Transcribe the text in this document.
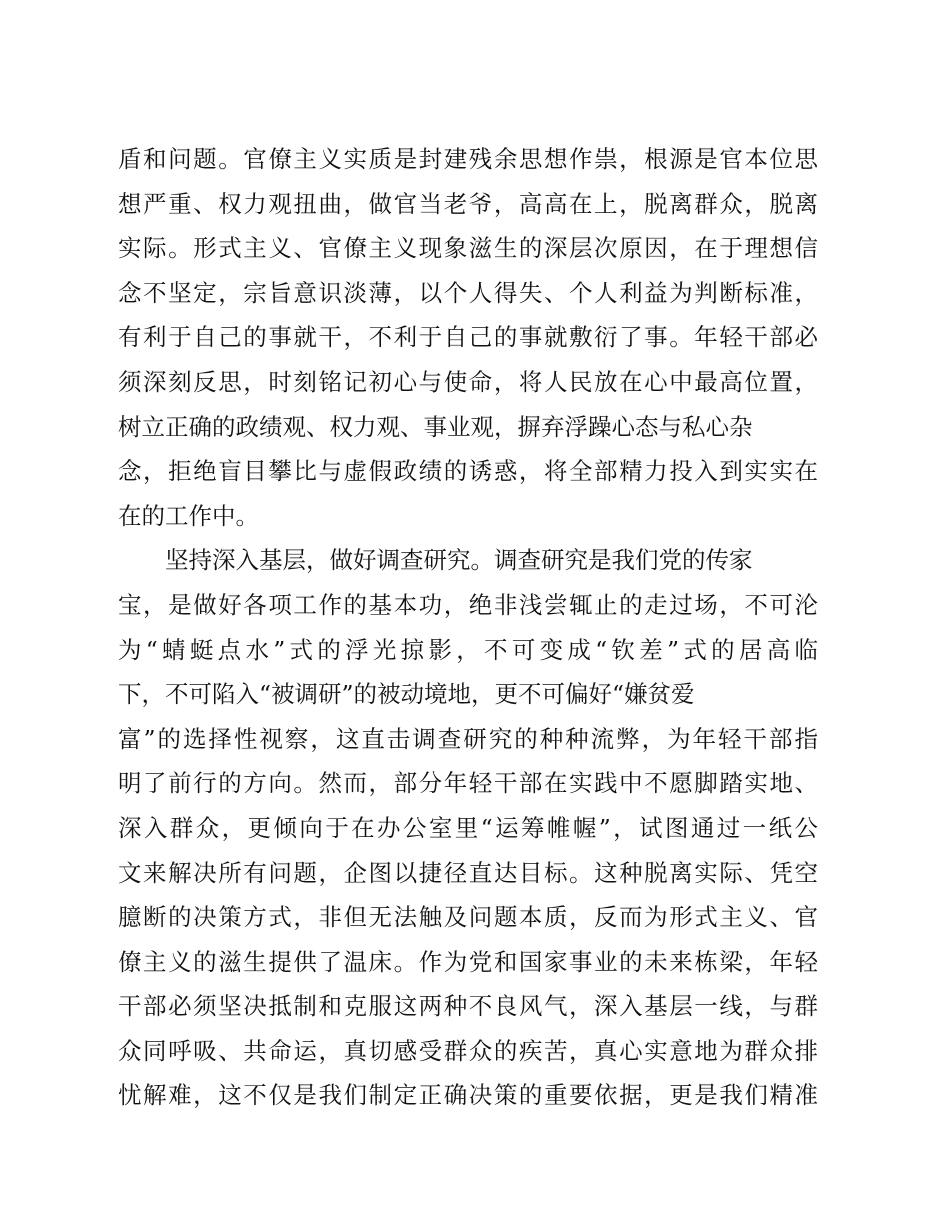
盾和问题。官僚主义实质是封建残余思想作祟，根源是官本位思
想严重、权力观扭曲，做官当老爷，高高在上，脱离群众，脱离
实际。形式主义、官僚主义现象滋生的深层次原因，在于理想信
念不坚定，宗旨意识淡薄，以个人得失、个人利益为判断标准，
有利于自己的事就干，不利于自己的事就敷衍了事。年轻干部必
须深刻反思，时刻铭记初心与使命，将人民放在心中最高位置，
树立正确的政绩观、权力观、事业观，摒弃浮躁心态与私心杂
念，拒绝盲目攀比与虚假政绩的诱惑，将全部精力投入到实实在
在的工作中。
　　坚持深入基层，做好调查研究。调查研究是我们党的传家
宝，是做好各项工作的基本功，绝非浅尝辄止的走过场，不可沦
为“蜻蜓点水”式的浮光掠影，不可变成“钦差”式的居高临
下，不可陷入“被调研”的被动境地，更不可偏好“嫌贫爱
富”的选择性视察，这直击调查研究的种种流弊，为年轻干部指
明了前行的方向。然而，部分年轻干部在实践中不愿脚踏实地、
深入群众，更倾向于在办公室里“运筹帷幄”，试图通过一纸公
文来解决所有问题，企图以捷径直达目标。这种脱离实际、凭空
臆断的决策方式，非但无法触及问题本质，反而为形式主义、官
僚主义的滋生提供了温床。作为党和国家事业的未来栋梁，年轻
干部必须坚决抵制和克服这两种不良风气，深入基层一线，与群
众同呼吸、共命运，真切感受群众的疾苦，真心实意地为群众排
忧解难，这不仅是我们制定正确决策的重要依据，更是我们精准
